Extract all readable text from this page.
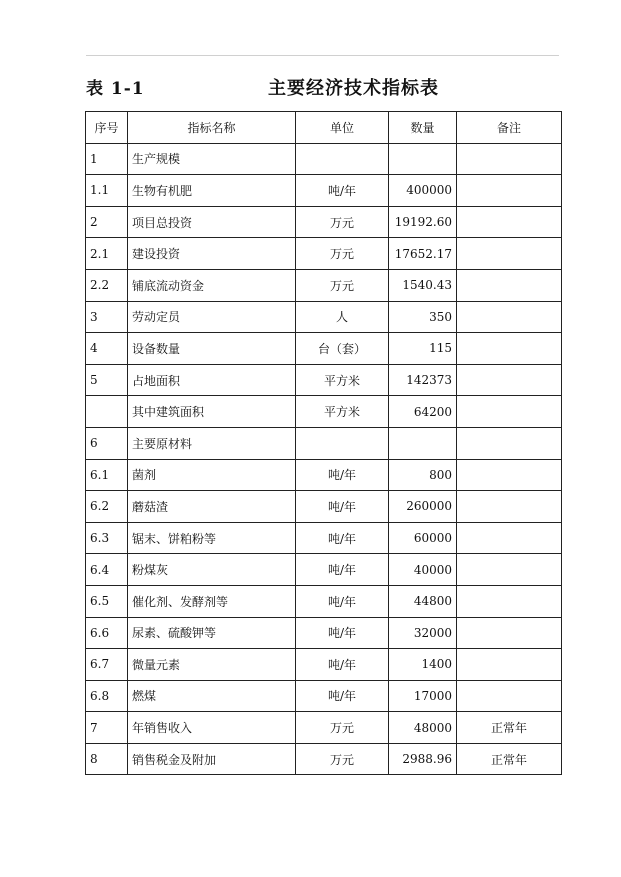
表 1-1	主要经济技术指标表
序号	指标名称	单位	数量	备注
1	生产规模			
1.1	生物有机肥	吨/年	400000	
2	项目总投资	万元	19192.60	
2.1	建设投资	万元	17652.17	
2.2	铺底流动资金	万元	1540.43	
3	劳动定员	人	350	
4	设备数量	台（套）	115	
5	占地面积	平方米	142373	
	其中建筑面积	平方米	64200	
6	主要原材料			
6.1	菌剂	吨/年	800	
6.2	蘑菇渣	吨/年	260000	
6.3	锯末、饼粕粉等	吨/年	60000	
6.4	粉煤灰	吨/年	40000	
6.5	催化剂、发酵剂等	吨/年	44800	
6.6	尿素、硫酸钾等	吨/年	32000	
6.7	微量元素	吨/年	1400	
6.8	燃煤	吨/年	17000	
7	年销售收入	万元	48000	正常年
8	销售税金及附加	万元	2988.96	正常年
